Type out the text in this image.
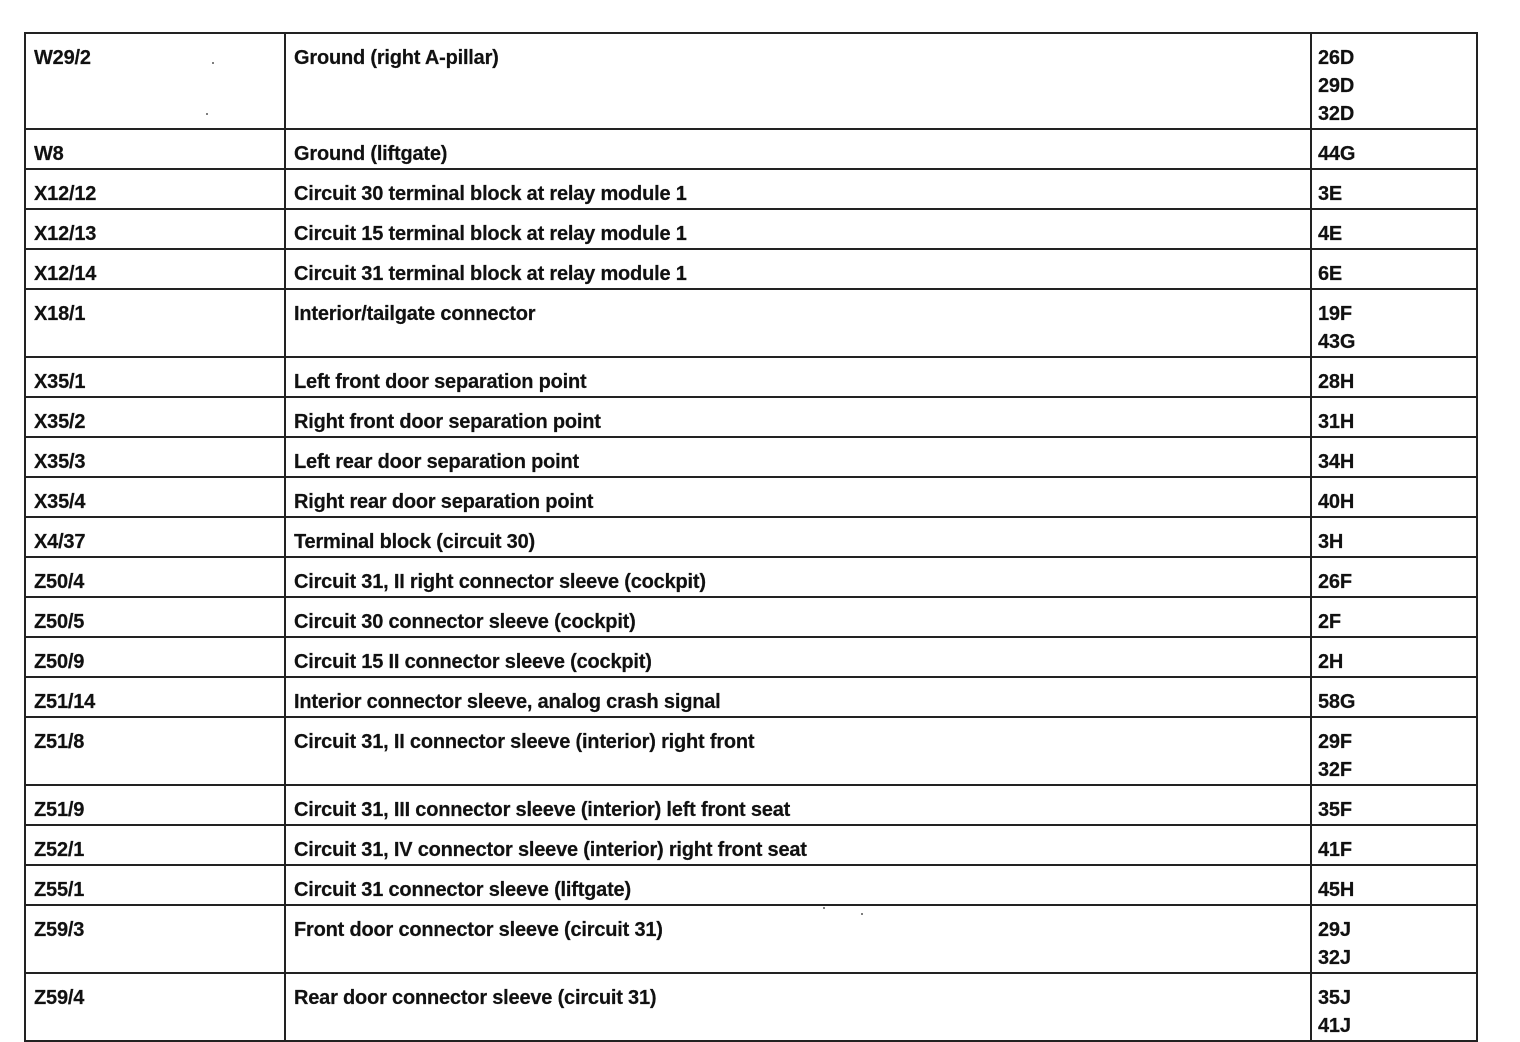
W29/2	Ground (right A-pillar)	26D
29D
32D

W8	Ground (liftgate)	44G

X12/12	Circuit 30 terminal block at relay module 1	3E

X12/13	Circuit 15 terminal block at relay module 1	4E

X12/14	Circuit 31 terminal block at relay module 1	6E

X18/1	Interior/tailgate connector	19F
43G

X35/1	Left front door separation point	28H

X35/2	Right front door separation point	31H

X35/3	Left rear door separation point	34H

X35/4	Right rear door separation point	40H

X4/37	Terminal block (circuit 30)	3H

Z50/4	Circuit 31, II right connector sleeve (cockpit)	26F

Z50/5	Circuit 30 connector sleeve (cockpit)	2F

Z50/9	Circuit 15 II connector sleeve (cockpit)	2H

Z51/14	Interior connector sleeve, analog crash signal	58G

Z51/8	Circuit 31, II connector sleeve (interior) right front	29F
32F

Z51/9	Circuit 31, III connector sleeve (interior) left front seat	35F

Z52/1	Circuit 31, IV connector sleeve (interior) right front seat	41F

Z55/1	Circuit 31 connector sleeve (liftgate)	45H

Z59/3	Front door connector sleeve (circuit 31)	29J
32J

Z59/4	Rear door connector sleeve (circuit 31)	35J
41J
